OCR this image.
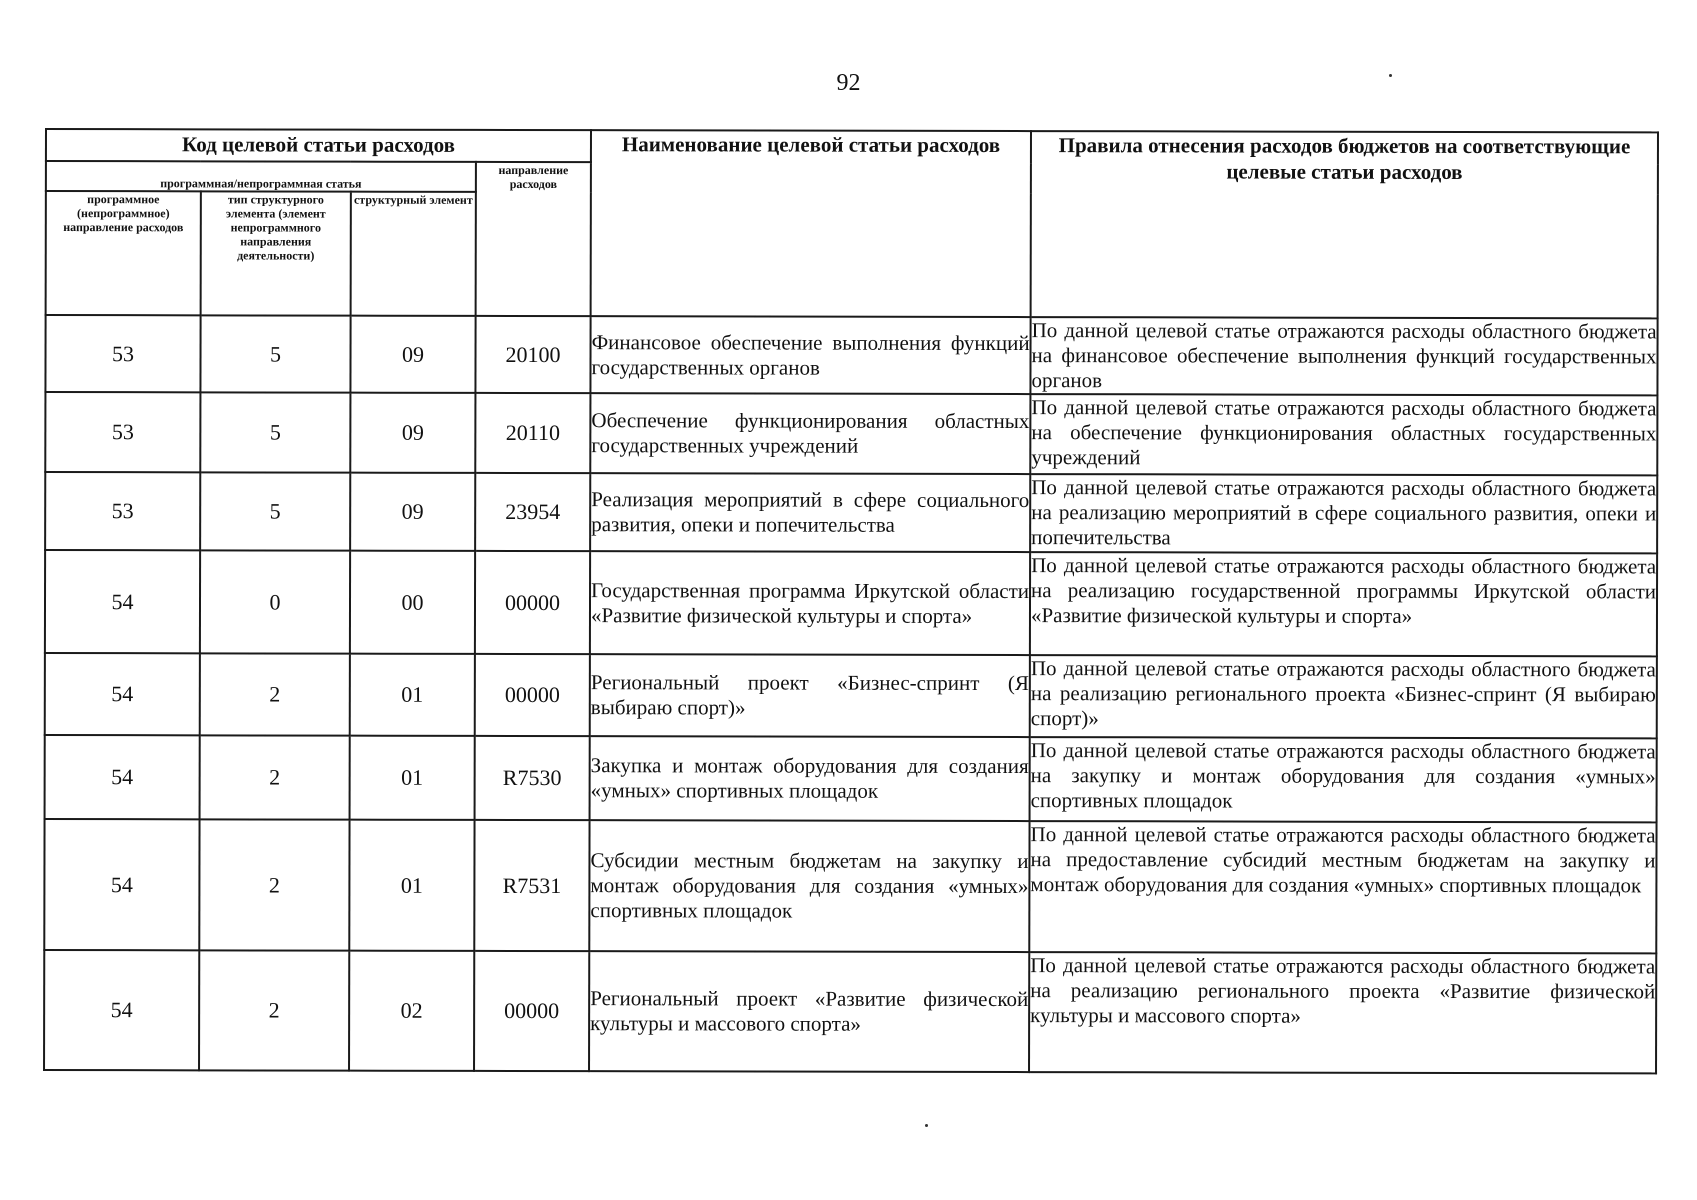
92
Код целевой статьи расходов				Наименование целевой статьи расходов	Правила отнесения расходов бюджетов на соответствующие целевые статьи расходов
программная/непрограммная статья			направление расходов		
программное (непрограммное) направление расходов	тип структурного элемента (элемент непрограммного направления деятельности)	структурный элемент			
53	5	09	20100	Финансовое обеспечение выполнения функций государственных органов	По данной целевой статье отражаются расходы областного бюджета на финансовое обеспечение выполнения функций государственных органов
53	5	09	20110	Обеспечение функционирования областных государственных учреждений	По данной целевой статье отражаются расходы областного бюджета на обеспечение функционирования областных государственных учреждений
53	5	09	23954	Реализация мероприятий в сфере социального развития, опеки и попечительства	По данной целевой статье отражаются расходы областного бюджета на реализацию мероприятий в сфере социального развития, опеки и попечительства
54	0	00	00000	Государственная программа Иркутской области «Развитие физической культуры и спорта»	По данной целевой статье отражаются расходы областного бюджета на реализацию государственной программы Иркутской области «Развитие физической культуры и спорта»
54	2	01	00000	Региональный проект «Бизнес-спринт (Я выбираю спорт)»	По данной целевой статье отражаются расходы областного бюджета на реализацию регионального проекта «Бизнес-спринт (Я выбираю спорт)»
54	2	01	R7530	Закупка и монтаж оборудования для создания «умных» спортивных площадок	По данной целевой статье отражаются расходы областного бюджета на закупку и монтаж оборудования для создания «умных» спортивных площадок
54	2	01	R7531	Субсидии местным бюджетам на закупку и монтаж оборудования для создания «умных» спортивных площадок	По данной целевой статье отражаются расходы областного бюджета на предоставление субсидий местным бюджетам на закупку и монтаж оборудования для создания «умных» спортивных площадок
54	2	02	00000	Региональный проект «Развитие физической культуры и массового спорта»	По данной целевой статье отражаются расходы областного бюджета на реализацию регионального проекта «Развитие физической культуры и массового спорта»
